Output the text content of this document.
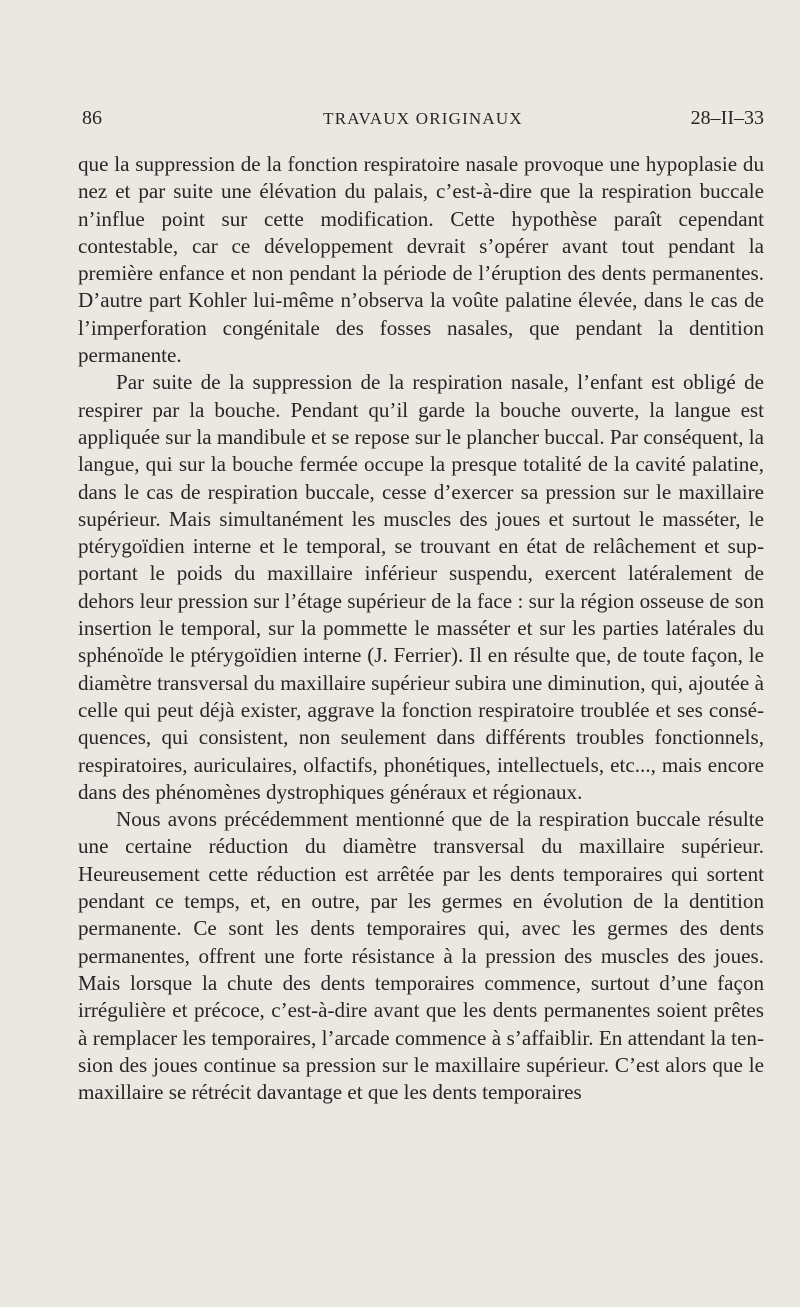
86	TRAVAUX ORIGINAUX	28–II–33

que la suppression de la fonction respiratoire nasale provoque une hypoplasie du nez et par suite une élévation du palais, c’est-à-dire que la respiration buccale n’influe point sur cette modification. Cette hypothèse paraît cependant contestable, car ce développement devrait s’opérer avant tout pendant la première enfance et non pendant la période de l’éruption des dents permanentes. D’autre part Kohler lui-même n’observa la voûte palatine élevée, dans le cas de l’imperforation congénitale des fosses nasales, que pendant la dentition permanente.

Par suite de la suppression de la respiration nasale, l’enfant est obligé de respirer par la bouche. Pendant qu’il garde la bouche ouverte, la langue est appliquée sur la mandibule et se repose sur le plancher buccal. Par conséquent, la langue, qui sur la bouche fermée occupe la presque totalité de la cavité palatine, dans le cas de respiration buccale, cesse d’exercer sa pression sur le maxillaire supérieur. Mais simultanément les muscles des joues et surtout le masséter, le ptérygoïdien interne et le temporal, se trouvant en état de relâchement et supportant le poids du maxillaire inférieur suspendu, exercent latéralement de dehors leur pression sur l’étage supérieur de la face : sur la région osseuse de son insertion le temporal, sur la pommette le masséter et sur les parties latérales du sphénoïde le ptérygoïdien interne (J. Ferrier). Il en résulte que, de toute façon, le diamètre transversal du maxillaire supérieur subira une diminution, qui, ajoutée à celle qui peut déjà exister, aggrave la fonction respiratoire troublée et ses conséquences, qui consistent, non seulement dans différents troubles fonctionnels, respiratoires, auriculaires, olfactifs, phonétiques, intellectuels, etc..., mais encore dans des phénomènes dystrophiques généraux et régionaux.

Nous avons précédemment mentionné que de la respiration buccale résulte une certaine réduction du diamètre transversal du maxillaire supérieur. Heureusement cette réduction est arrêtée par les dents temporaires qui sortent pendant ce temps, et, en outre, par les germes en évolution de la dentition permanente. Ce sont les dents temporaires qui, avec les germes des dents permanentes, offrent une forte résistance à la pression des muscles des joues. Mais lorsque la chute des dents temporaires commence, surtout d’une façon irrégulière et précoce, c’est-à-dire avant que les dents permanentes soient prêtes à remplacer les temporaires, l’arcade commence à s’affaiblir. En attendant la tension des joues continue sa pression sur le maxillaire supérieur. C’est alors que le maxillaire se rétrécit davantage et que les dents temporaires
